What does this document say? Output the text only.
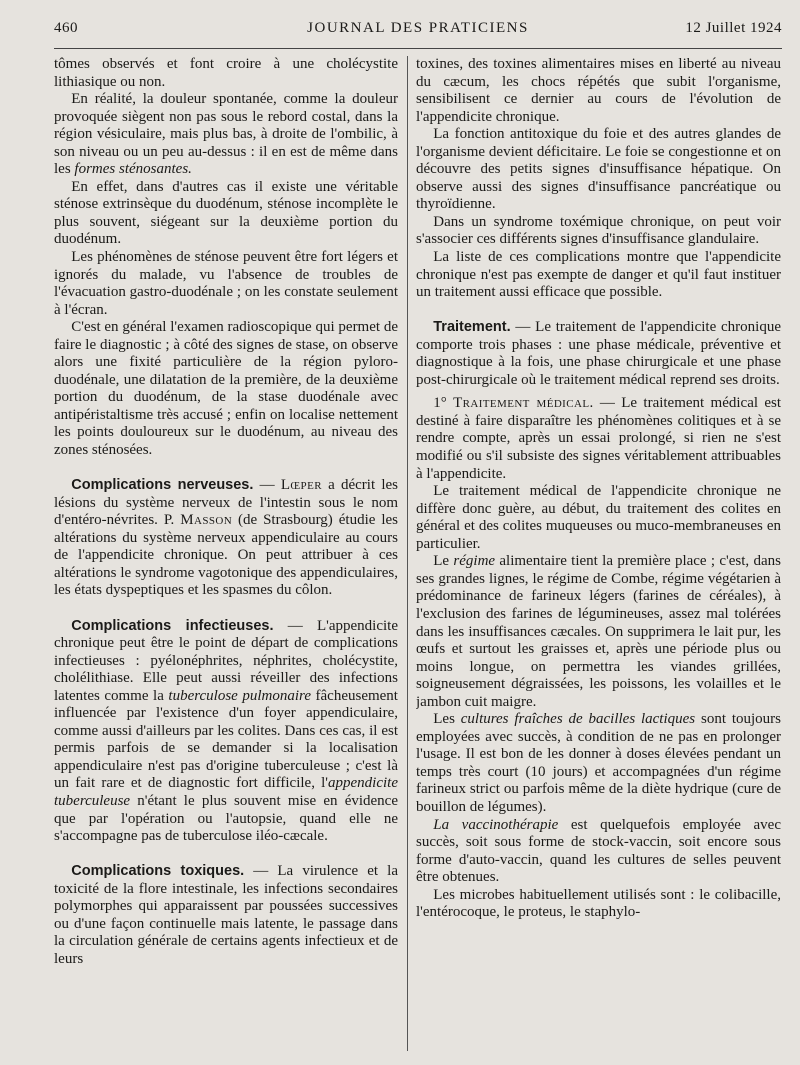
460	JOURNAL DES PRATICIENS	12 Juillet 1924

tômes observés et font croire à une cholécystite lithiasique ou non.

En réalité, la douleur spontanée, comme la douleur provoquée siègent non pas sous le rebord costal, dans la région vésiculaire, mais plus bas, à droite de l'ombilic, à son niveau ou un peu au-dessus : il en est de même dans les formes sténosantes.

En effet, dans d'autres cas il existe une véritable sténose extrinsèque du duodénum, sténose incomplète le plus souvent, siégeant sur la deuxième portion du duodénum.

Les phénomènes de sténose peuvent être fort légers et ignorés du malade, vu l'absence de troubles de l'évacuation gastro-duodénale ; on les constate seulement à l'écran.

C'est en général l'examen radioscopique qui permet de faire le diagnostic ; à côté des signes de stase, on observe alors une fixité particulière de la région pyloro-duodénale, une dilatation de la première, de la deuxième portion du duodénum, de la stase duodénale avec antipéristaltisme très accusé ; enfin on localise nettement les points douloureux sur le duodénum, au niveau des zones sténosées.

Complications nerveuses. — Lœper a décrit les lésions du système nerveux de l'intestin sous le nom d'entéro-névrites. P. Masson (de Strasbourg) étudie les altérations du système nerveux appendiculaire au cours de l'appendicite chronique. On peut attribuer à ces altérations le syndrome vagotonique des appendiculaires, les états dyspeptiques et les spasmes du côlon.

Complications infectieuses. — L'appendicite chronique peut être le point de départ de complications infectieuses : pyélonéphrites, néphrites, cholécystite, cholélithiase. Elle peut aussi réveiller des infections latentes comme la tuberculose pulmonaire fâcheusement influencée par l'existence d'un foyer appendiculaire, comme aussi d'ailleurs par les colites. Dans ces cas, il est permis parfois de se demander si la localisation appendiculaire n'est pas d'origine tuberculeuse ; c'est là un fait rare et de diagnostic fort difficile, l'appendicite tuberculeuse n'étant le plus souvent mise en évidence que par l'opération ou l'autopsie, quand elle ne s'accompagne pas de tuberculose iléo-cæcale.

Complications toxiques. — La virulence et la toxicité de la flore intestinale, les infections secondaires polymorphes qui apparaissent par poussées successives ou d'une façon continuelle mais latente, le passage dans la circulation générale de certains agents infectieux et de leurs

toxines, des toxines alimentaires mises en liberté au niveau du cæcum, les chocs répétés que subit l'organisme, sensibilisent ce dernier au cours de l'évolution de l'appendicite chronique.

La fonction antitoxique du foie et des autres glandes de l'organisme devient déficitaire. Le foie se congestionne et on découvre des petits signes d'insuffisance hépatique. On observe aussi des signes d'insuffisance pancréatique ou thyroïdienne.

Dans un syndrome toxémique chronique, on peut voir s'associer ces différents signes d'insuffisance glandulaire.

La liste de ces complications montre que l'appendicite chronique n'est pas exempte de danger et qu'il faut instituer un traitement aussi efficace que possible.

Traitement. — Le traitement de l'appendicite chronique comporte trois phases : une phase médicale, préventive et diagnostique à la fois, une phase chirurgicale et une phase post-chirurgicale où le traitement médical reprend ses droits.

1° Traitement médical. — Le traitement médical est destiné à faire disparaître les phénomènes colitiques et à se rendre compte, après un essai prolongé, si rien ne s'est modifié ou s'il subsiste des signes véritablement attribuables à l'appendicite.

Le traitement médical de l'appendicite chronique ne diffère donc guère, au début, du traitement des colites en général et des colites muqueuses ou muco-membraneuses en particulier.

Le régime alimentaire tient la première place ; c'est, dans ses grandes lignes, le régime de Combe, régime végétarien à prédominance de farineux légers (farines de céréales), à l'exclusion des farines de légumineuses, assez mal tolérées dans les insuffisances cæcales. On supprimera le lait pur, les œufs et surtout les graisses et, après une période plus ou moins longue, on permettra les viandes grillées, soigneusement dégraissées, les poissons, les volailles et le jambon cuit maigre.

Les cultures fraîches de bacilles lactiques sont toujours employées avec succès, à condition de ne pas en prolonger l'usage. Il est bon de les donner à doses élevées pendant un temps très court (10 jours) et accompagnées d'un régime farineux strict ou parfois même de la diète hydrique (cure de bouillon de légumes).

La vaccinothérapie est quelquefois employée avec succès, soit sous forme de stock-vaccin, soit encore sous forme d'auto-vaccin, quand les cultures de selles peuvent être obtenues.

Les microbes habituellement utilisés sont : le colibacille, l'entérocoque, le proteus, le staphylo-
